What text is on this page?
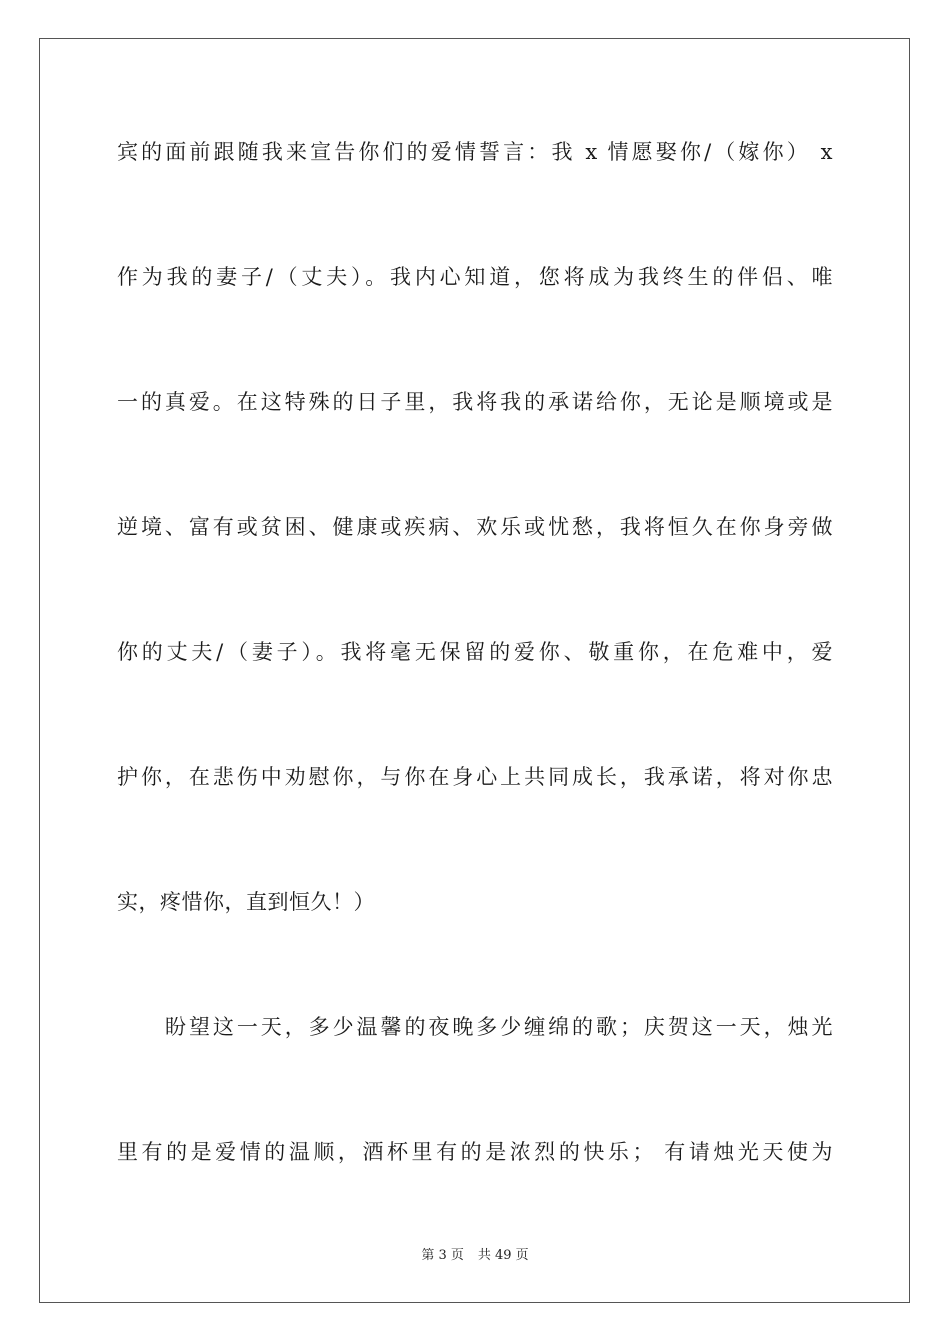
宾的面前跟随我来宣告你们的爱情誓言：我 x 情愿娶你/（嫁你） x
作为我的妻子/（丈夫）。我内心知道，您将成为我终生的伴侣、唯
一的真爱。在这特殊的日子里，我将我的承诺给你，无论是顺境或是
逆境、富有或贫困、健康或疾病、欢乐或忧愁，我将恒久在你身旁做
你的丈夫/（妻子）。我将毫无保留的爱你、敬重你，在危难中，爱
护你，在悲伤中劝慰你，与你在身心上共同成长，我承诺，将对你忠
实，疼惜你，直到恒久！）
盼望这一天，多少温馨的夜晚多少缠绵的歌；庆贺这一天，烛光
里有的是爱情的温顺，酒杯里有的是浓烈的快乐； 有请烛光天使为
第 3 页 共 49 页
